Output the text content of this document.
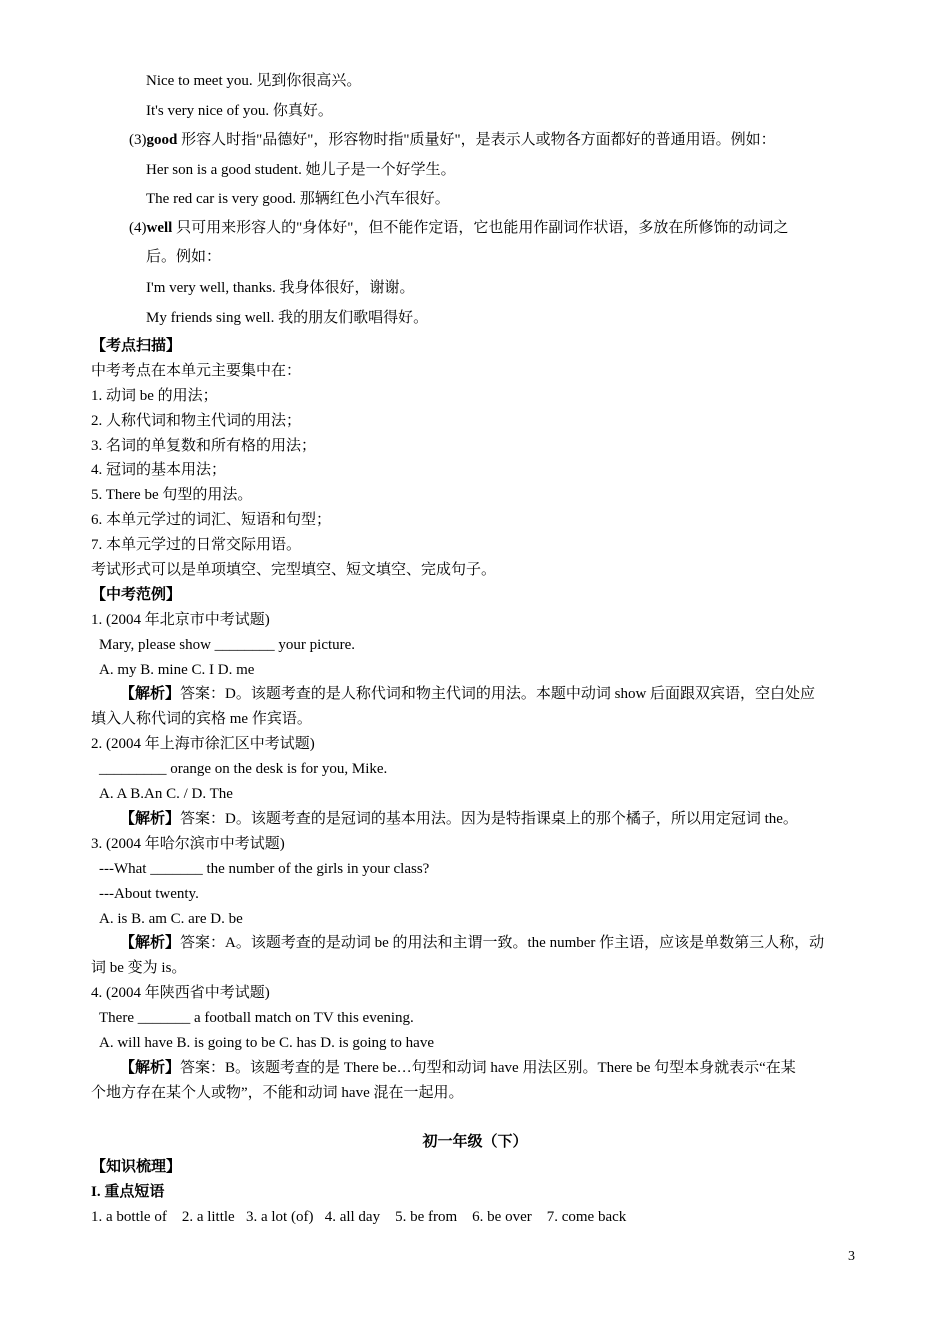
Nice to meet you. 见到你很高兴。
It's very nice of you. 你真好。
(3)good 形容人时指"品德好"，形容物时指"质量好"，是表示人或物各方面都好的普通用语。例如：
Her son is a good student. 她儿子是一个好学生。
The red car is very good. 那辆红色小汽车很好。
(4)well 只可用来形容人的"身体好"，但不能作定语，它也能用作副词作状语，多放在所修饰的动词之
后。例如：
I'm very well, thanks. 我身体很好，谢谢。
My friends sing well. 我的朋友们歌唱得好。
【考点扫描】
中考考点在本单元主要集中在：
1. 动词 be 的用法；
2. 人称代词和物主代词的用法；
3. 名词的单复数和所有格的用法；
4. 冠词的基本用法；
5. There be 句型的用法。
6. 本单元学过的词汇、短语和句型；
7. 本单元学过的日常交际用语。
考试形式可以是单项填空、完型填空、短文填空、完成句子。
【中考范例】
1. (2004 年北京市中考试题)
Mary, please show ________ your picture.
A. my B. mine C. I D. me
【解析】答案：D。该题考查的是人称代词和物主代词的用法。本题中动词 show 后面跟双宾语，空白处应
填入人称代词的宾格 me 作宾语。
2. (2004 年上海市徐汇区中考试题)
_________ orange on the desk is for you, Mike.
A. A B.An C. / D. The
【解析】答案：D。该题考查的是冠词的基本用法。因为是特指课桌上的那个橘子，所以用定冠词 the。
3. (2004 年哈尔滨市中考试题)
---What _______ the number of the girls in your class?
---About twenty.
A. is B. am C. are D. be
【解析】答案：A。该题考查的是动词 be 的用法和主谓一致。the number 作主语，应该是单数第三人称，动
词 be 变为 is。
4. (2004 年陕西省中考试题)
There _______ a football match on TV this evening.
A. will have B. is going to be C. has D. is going to have
【解析】答案：B。该题考查的是 There be…句型和动词 have 用法区别。There be 句型本身就表示“在某
个地方存在某个人或物”，不能和动词 have 混在一起用。
初一年级（下）
【知识梳理】
I. 重点短语
1. a bottle of    2. a little   3. a lot (of)   4. all day    5. be from    6. be over    7. come back
3
